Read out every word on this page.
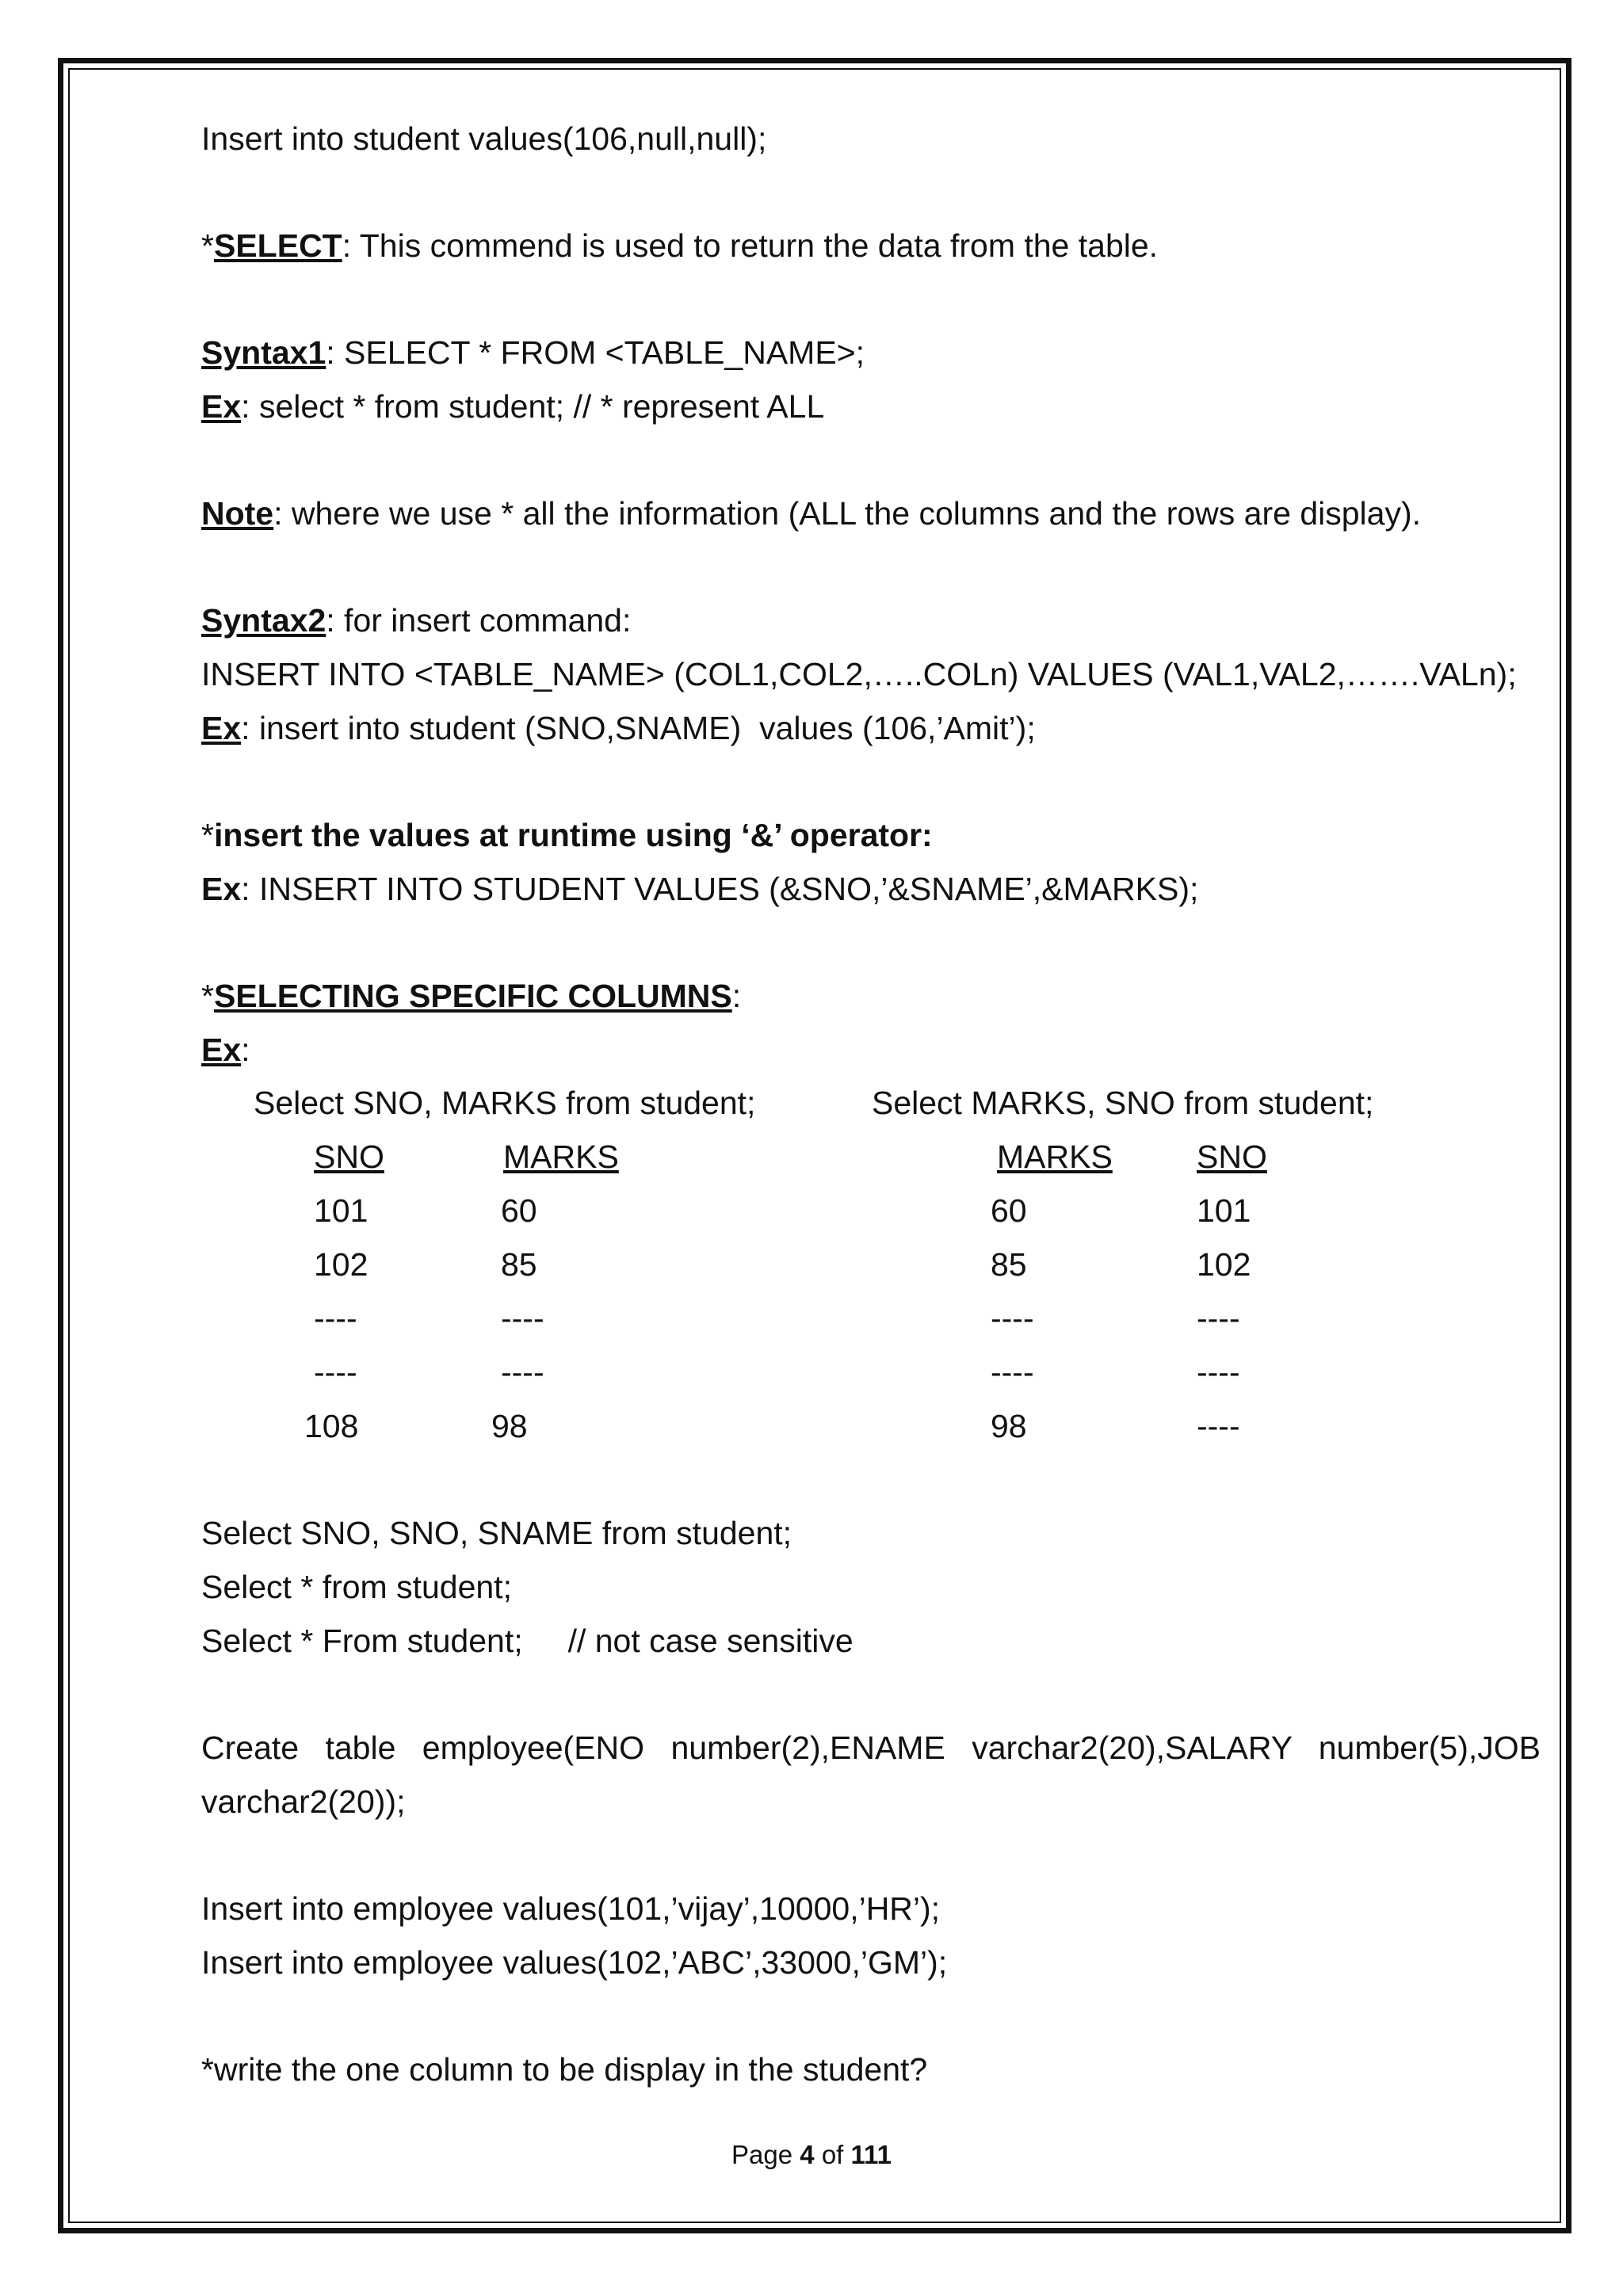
Insert into student values(106,null,null);

*SELECT: This commend is used to return the data from the table.

Syntax1: SELECT * FROM <TABLE_NAME>;

Ex: select * from student; // * represent ALL

Note: where we use * all the information (ALL the columns and the rows are display).

Syntax2: for insert command:

INSERT INTO <TABLE_NAME> (COL1,COL2,…..COLn) VALUES (VAL1,VAL2,…….VALn);

Ex: insert into student (SNO,SNAME)  values (106,’Amit’);

*insert the values at runtime using ‘&’ operator:

Ex: INSERT INTO STUDENT VALUES (&SNO,’&SNAME’,&MARKS);

*SELECTING SPECIFIC COLUMNS:

Ex:

Select SNO, MARKS from student;	Select MARKS, SNO from student;
SNO	MARKS
101	60
102	85
----	----
----	----
108	98
MARKS	SNO
60	101
85	102
----	----
----	----
98	----

Select SNO, SNO, SNAME from student;

Select * from student;

Select * From student;     // not case sensitive

Create table employee(ENO number(2),ENAME varchar2(20),SALARY number(5),JOB varchar2(20));

Insert into employee values(101,’vijay’,10000,’HR’);

Insert into employee values(102,’ABC’,33000,’GM’);

*write the one column to be display in the student?

Page 4 of 111
